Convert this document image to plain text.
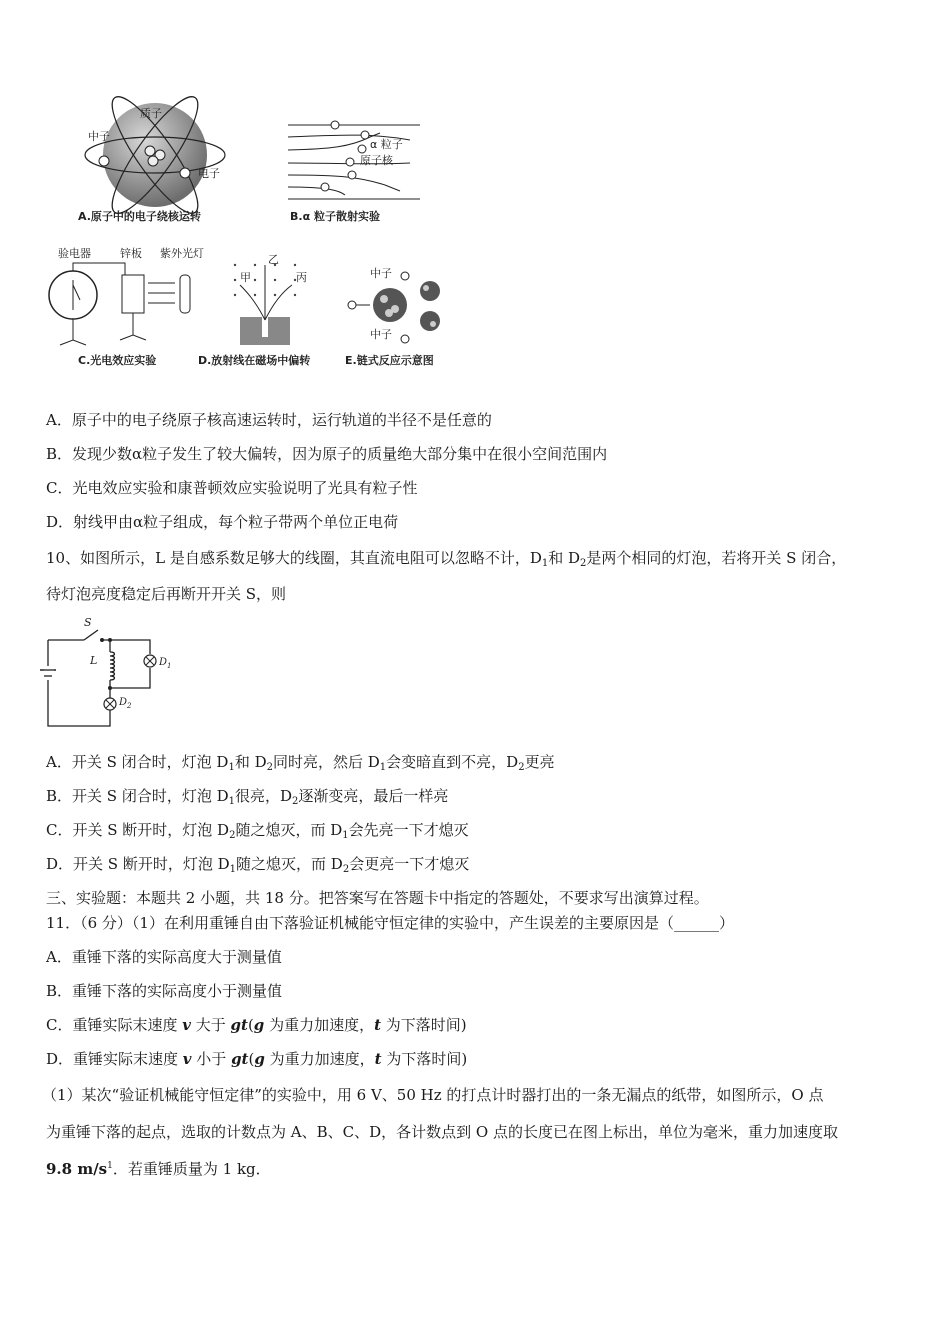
质子
中子
电子
A.原子中的电子绕核运转
α 粒子
原子核
B.α 粒子散射实验
验电器	锌板 紫外光灯
C.光电效应实验
甲
乙
丙
D.放射线在磁场中偏转
中子
中子
E.链式反应示意图
A．原子中的电子绕原子核高速运转时，运行轨道的半径不是任意的
B．发现少数α粒子发生了较大偏转，因为原子的质量绝大部分集中在很小空间范围内
C．光电效应实验和康普顿效应实验说明了光具有粒子性
D．射线甲由α粒子组成，每个粒子带两个单位正电荷
10、如图所示，L 是自感系数足够大的线圈，其直流电阻可以忽略不计，$D_1$和 $D_2$是两个相同的灯泡，若将开关 S 闭合，
待灯泡亮度稳定后再断开开关 S，则
S
L	$D_1$
$D_2$
A．开关 S 闭合时，灯泡 $D_1$和 $D_2$同时亮，然后 $D_1$会变暗直到不亮，$D_2$更亮
B．开关 S 闭合时，灯泡 $D_1$很亮，$D_2$逐渐变亮，最后一样亮
C．开关 S 断开时，灯泡 $D_2$随之熄灭，而 $D_1$会先亮一下才熄灭
D．开关 S 断开时，灯泡 $D_1$随之熄灭，而 $D_2$会更亮一下才熄灭
三、实验题：本题共 2 小题，共 18 分。把答案写在答题卡中指定的答题处，不要求写出演算过程。
11．（6 分）（1）在利用重锤自由下落验证机械能守恒定律的实验中，产生误差的主要原因是（______）
A．重锤下落的实际高度大于测量值
B．重锤下落的实际高度小于测量值
C．重锤实际末速度 v 大于 gt(g 为重力加速度，t 为下落时间)
D．重锤实际末速度 v 小于 gt(g 为重力加速度，t 为下落时间)
（1）某次“验证机械能守恒定律”的实验中，用 6 V、50 Hz 的打点计时器打出的一条无漏点的纸带，如图所示，O 点
为重锤下落的起点，选取的计数点为 A、B、C、D，各计数点到 O 点的长度已在图上标出，单位为毫米，重力加速度取
9.8 $m/s^1$．若重锤质量为 1 kg．
